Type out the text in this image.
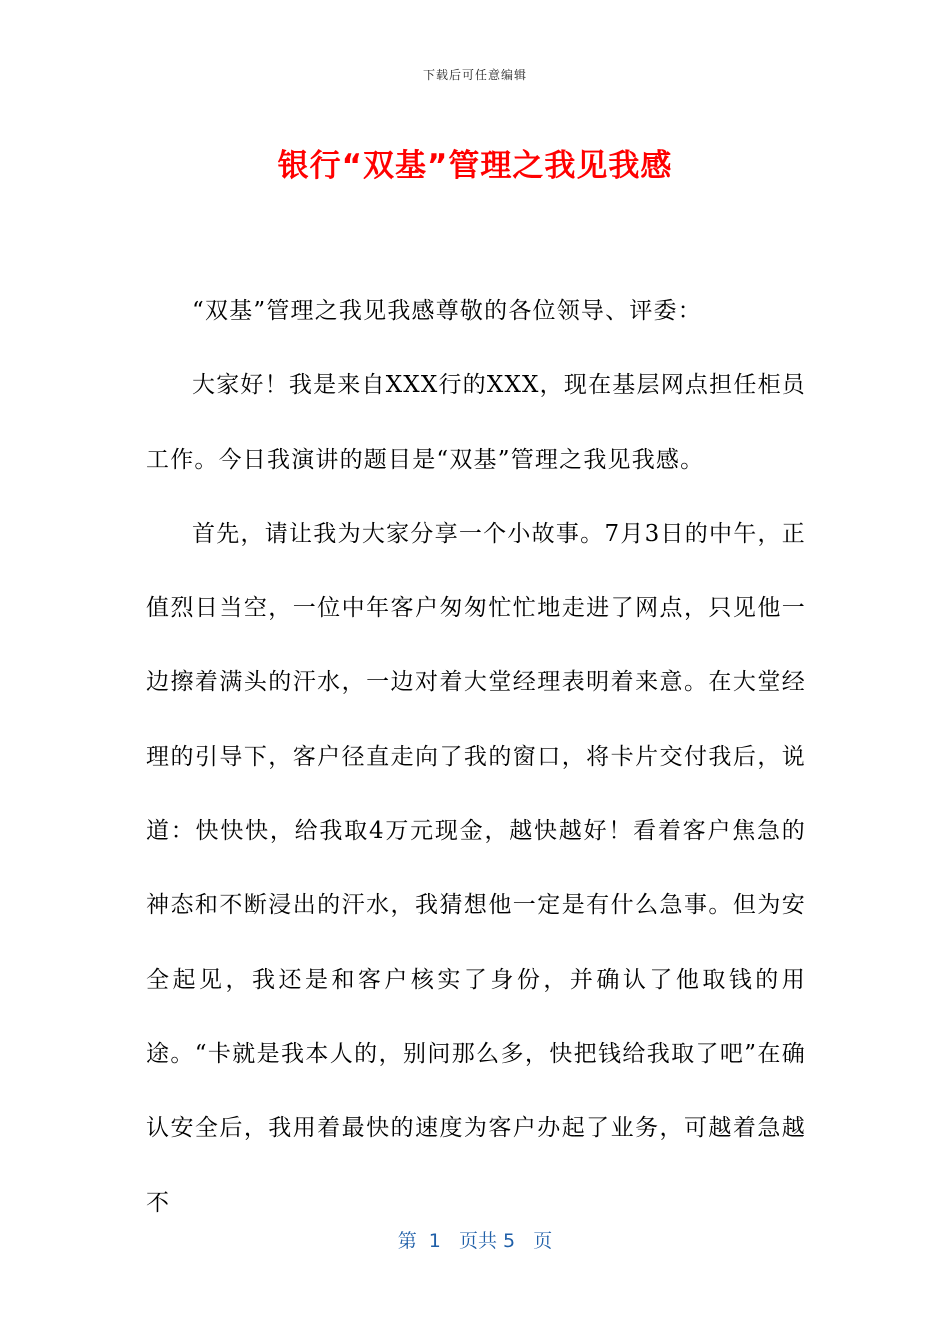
下载后可任意编辑
银行“双基”管理之我见我感

“双基”管理之我见我感尊敬的各位领导、评委：

大家好！我是来自XXX行的XXX，现在基层网点担任柜员工作。今日我演讲的题目是“双基”管理之我见我感。

首先，请让我为大家分享一个小故事。7月3日的中午，正值烈日当空，一位中年客户匆匆忙忙地走进了网点，只见他一边擦着满头的汗水，一边对着大堂经理表明着来意。在大堂经理的引导下，客户径直走向了我的窗口，将卡片交付我后，说道：快快快，给我取4万元现金，越快越好！看着客户焦急的神态和不断浸出的汗水，我猜想他一定是有什么急事。但为安全起见，我还是和客户核实了身份，并确认了他取钱的用途。“卡就是我本人的，别问那么多，快把钱给我取了吧”在确认安全后，我用着最快的速度为客户办起了业务，可越着急越不

第  1   页共 5   页
